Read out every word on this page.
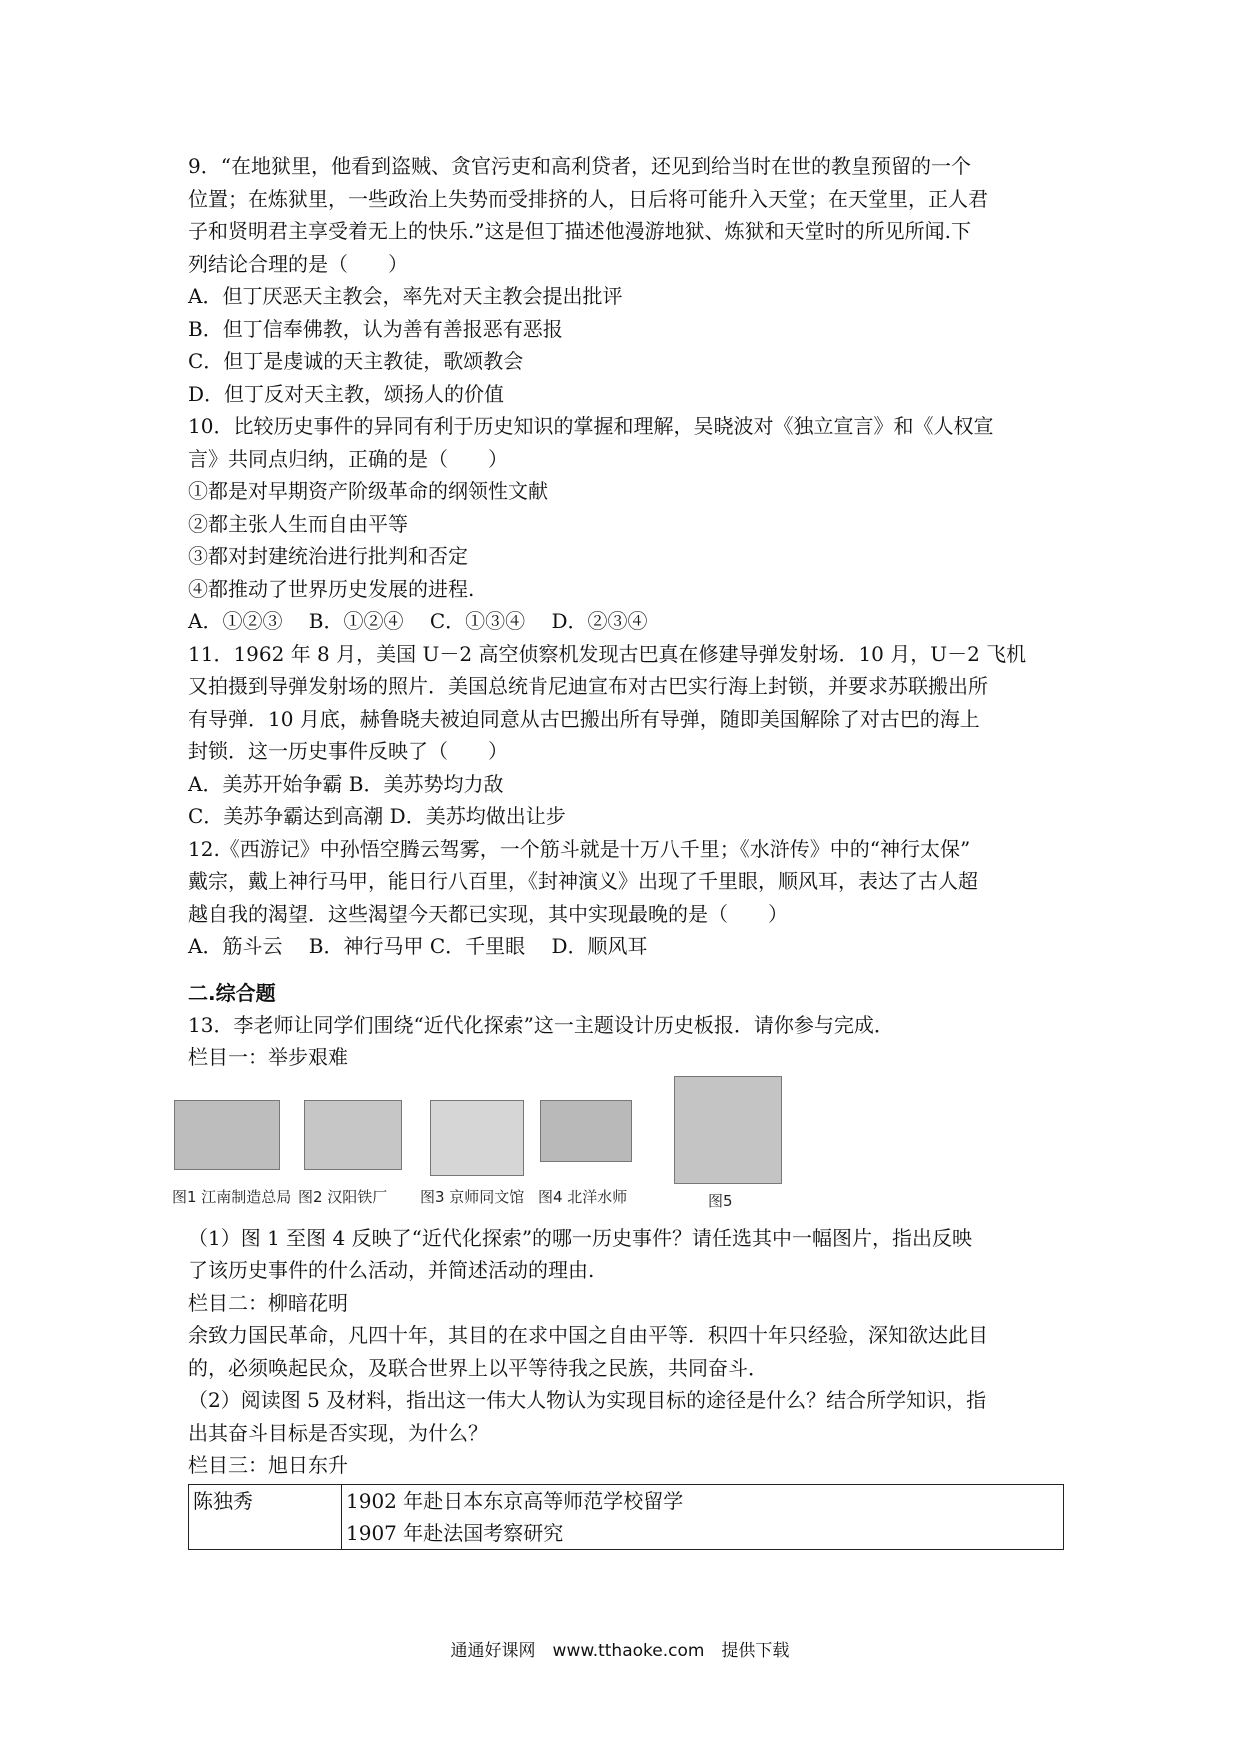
9．“在地狱里，他看到盗贼、贪官污吏和高利贷者，还见到给当时在世的教皇预留的一个
位置；在炼狱里，一些政治上失势而受排挤的人，日后将可能升入天堂；在天堂里，正人君
子和贤明君主享受着无上的快乐.”这是但丁描述他漫游地狱、炼狱和天堂时的所见所闻.下
列结论合理的是（　　）
A．但丁厌恶天主教会，率先对天主教会提出批评
B．但丁信奉佛教，认为善有善报恶有恶报
C．但丁是虔诚的天主教徒，歌颂教会
D．但丁反对天主教，颂扬人的价值
10．比较历史事件的异同有利于历史知识的掌握和理解，吴晓波对《独立宣言》和《人权宣
言》共同点归纳，正确的是（　　）
①都是对早期资产阶级革命的纲领性文献
②都主张人生而自由平等
③都对封建统治进行批判和否定
④都推动了世界历史发展的进程.
A．①②③　 B．①②④　 C．①③④　 D．②③④
11．1962 年 8 月，美国 U－2 高空侦察机发现古巴真在修建导弹发射场．10 月，U－2 飞机
又拍摄到导弹发射场的照片．美国总统肯尼迪宣布对古巴实行海上封锁，并要求苏联搬出所
有导弹．10 月底，赫鲁晓夫被迫同意从古巴搬出所有导弹，随即美国解除了对古巴的海上
封锁．这一历史事件反映了（　　）
A．美苏开始争霸 B．美苏势均力敌
C．美苏争霸达到高潮 D．美苏均做出让步
12.《西游记》中孙悟空腾云驾雾，一个筋斗就是十万八千里；《水浒传》中的“神行太保”
戴宗，戴上神行马甲，能日行八百里，《封神演义》出现了千里眼，顺风耳，表达了古人超
越自我的渴望．这些渴望今天都已实现，其中实现最晚的是（　　）
A．筋斗云　 B．神行马甲 C．千里眼　 D．顺风耳
二.综合题
13．李老师让同学们围绕“近代化探索”这一主题设计历史板报．请你参与完成．
栏目一：举步艰难
图1 江南制造总局 图2 汉阳铁厂 图3 京师同文馆 图4 北洋水师	图5
（1）图 1 至图 4 反映了“近代化探索”的哪一历史事件？请任选其中一幅图片，指出反映
了该历史事件的什么活动，并简述活动的理由.
栏目二：柳暗花明
余致力国民革命，凡四十年，其目的在求中国之自由平等．积四十年只经验，深知欲达此目
的，必须唤起民众，及联合世界上以平等待我之民族，共同奋斗．
（2）阅读图 5 及材料，指出这一伟大人物认为实现目标的途径是什么？结合所学知识，指
出其奋斗目标是否实现，为什么？
栏目三：旭日东升
陈独秀	1902 年赴日本东京高等师范学校留学
1907 年赴法国考察研究
通通好课网　www.tthaoke.com　提供下载
